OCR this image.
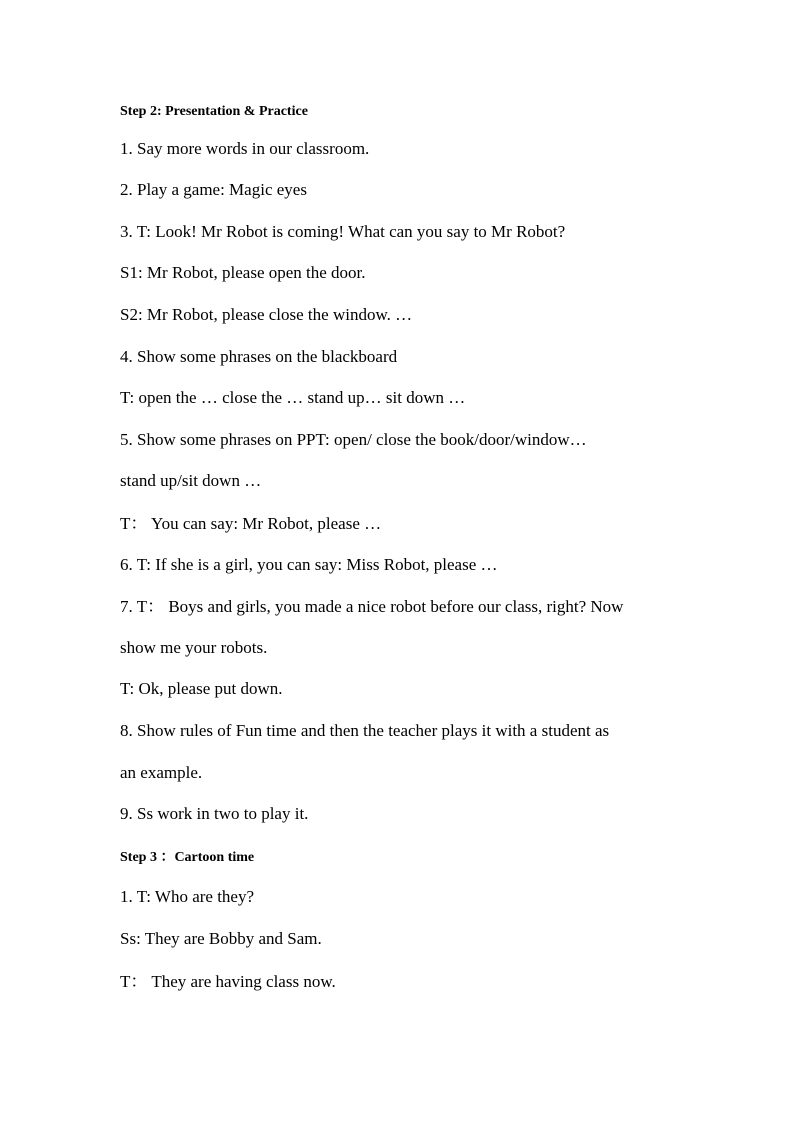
Step 2: Presentation & Practice
1. Say more words in our classroom.
2. Play a game: Magic eyes
3. T: Look! Mr Robot is coming! What can you say to Mr Robot?
S1: Mr Robot, please open the door.
S2: Mr Robot, please close the window. …
4. Show some phrases on the blackboard
T: open the … close the … stand up… sit down …
5. Show some phrases on PPT: open/ close the book/door/window…
stand up/sit down …
T： You can say: Mr Robot, please …
6. T: If she is a girl, you can say: Miss Robot, please …
7. T： Boys and girls, you made a nice robot before our class, right? Now
show me your robots.
T: Ok, please put down.
8. Show rules of Fun time and then the teacher plays it with a student as
an example.
9. Ss work in two to play it.
Step 3 ：Cartoon time
1. T: Who are they?
Ss: They are Bobby and Sam.
T： They are having class now.
